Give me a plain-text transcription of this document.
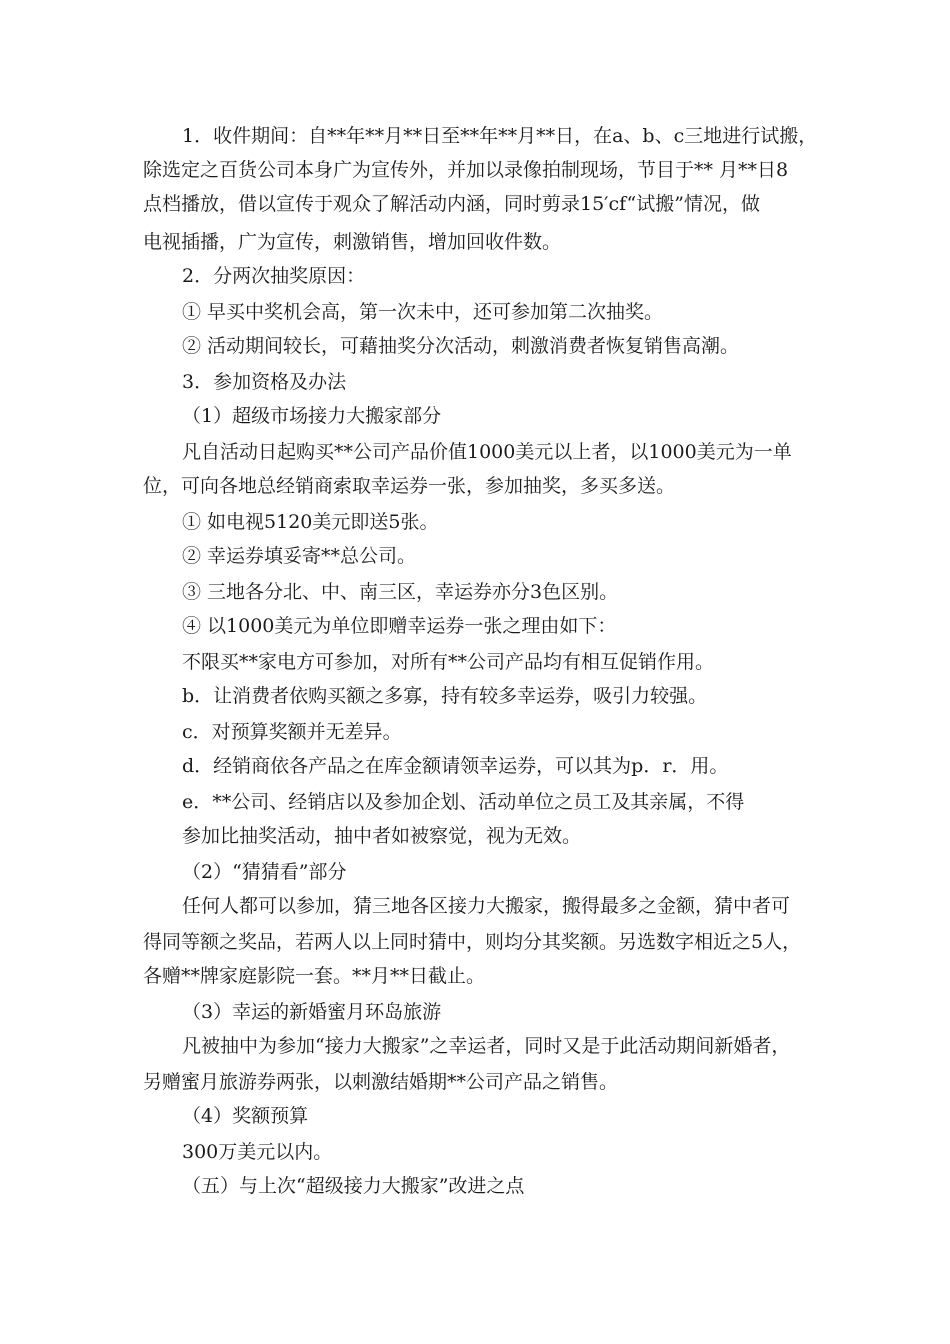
1．收件期间：自**年**月**日至**年**月**日，在a、b、c三地进行试搬，
除选定之百货公司本身广为宣传外，并加以录像拍制现场，节目于** 月**日8
点档播放，借以宣传于观众了解活动内涵，同时剪录15′cf“试搬”情况，做
电视插播，广为宣传，刺激销售，增加回收件数。
2．分两次抽奖原因：
① 早买中奖机会高，第一次未中，还可参加第二次抽奖。
② 活动期间较长，可藉抽奖分次活动，刺激消费者恢复销售高潮。
3．参加资格及办法
（1）超级市场接力大搬家部分
凡自活动日起购买**公司产品价值1000美元以上者，以1000美元为一单
位，可向各地总经销商索取幸运券一张，参加抽奖，多买多送。
① 如电视5120美元即送5张。
② 幸运券填妥寄**总公司。
③ 三地各分北、中、南三区，幸运券亦分3色区别。
④ 以1000美元为单位即赠幸运券一张之理由如下：
不限买**家电方可参加，对所有**公司产品均有相互促销作用。
b．让消费者依购买额之多寡，持有较多幸运券，吸引力较强。
c．对预算奖额并无差异。
d．经销商依各产品之在库金额请领幸运券，可以其为p．r．用。
e．**公司、经销店以及参加企划、活动单位之员工及其亲属，不得
参加比抽奖活动，抽中者如被察觉，视为无效。
（2）“猜猜看”部分
任何人都可以参加，猜三地各区接力大搬家，搬得最多之金额，猜中者可
得同等额之奖品，若两人以上同时猜中，则均分其奖额。另选数字相近之5人，
各赠**牌家庭影院一套。**月**日截止。
（3）幸运的新婚蜜月环岛旅游
凡被抽中为参加“接力大搬家”之幸运者，同时又是于此活动期间新婚者，
另赠蜜月旅游券两张，以刺激结婚期**公司产品之销售。
（4）奖额预算
300万美元以内。
（五）与上次“超级接力大搬家”改进之点
